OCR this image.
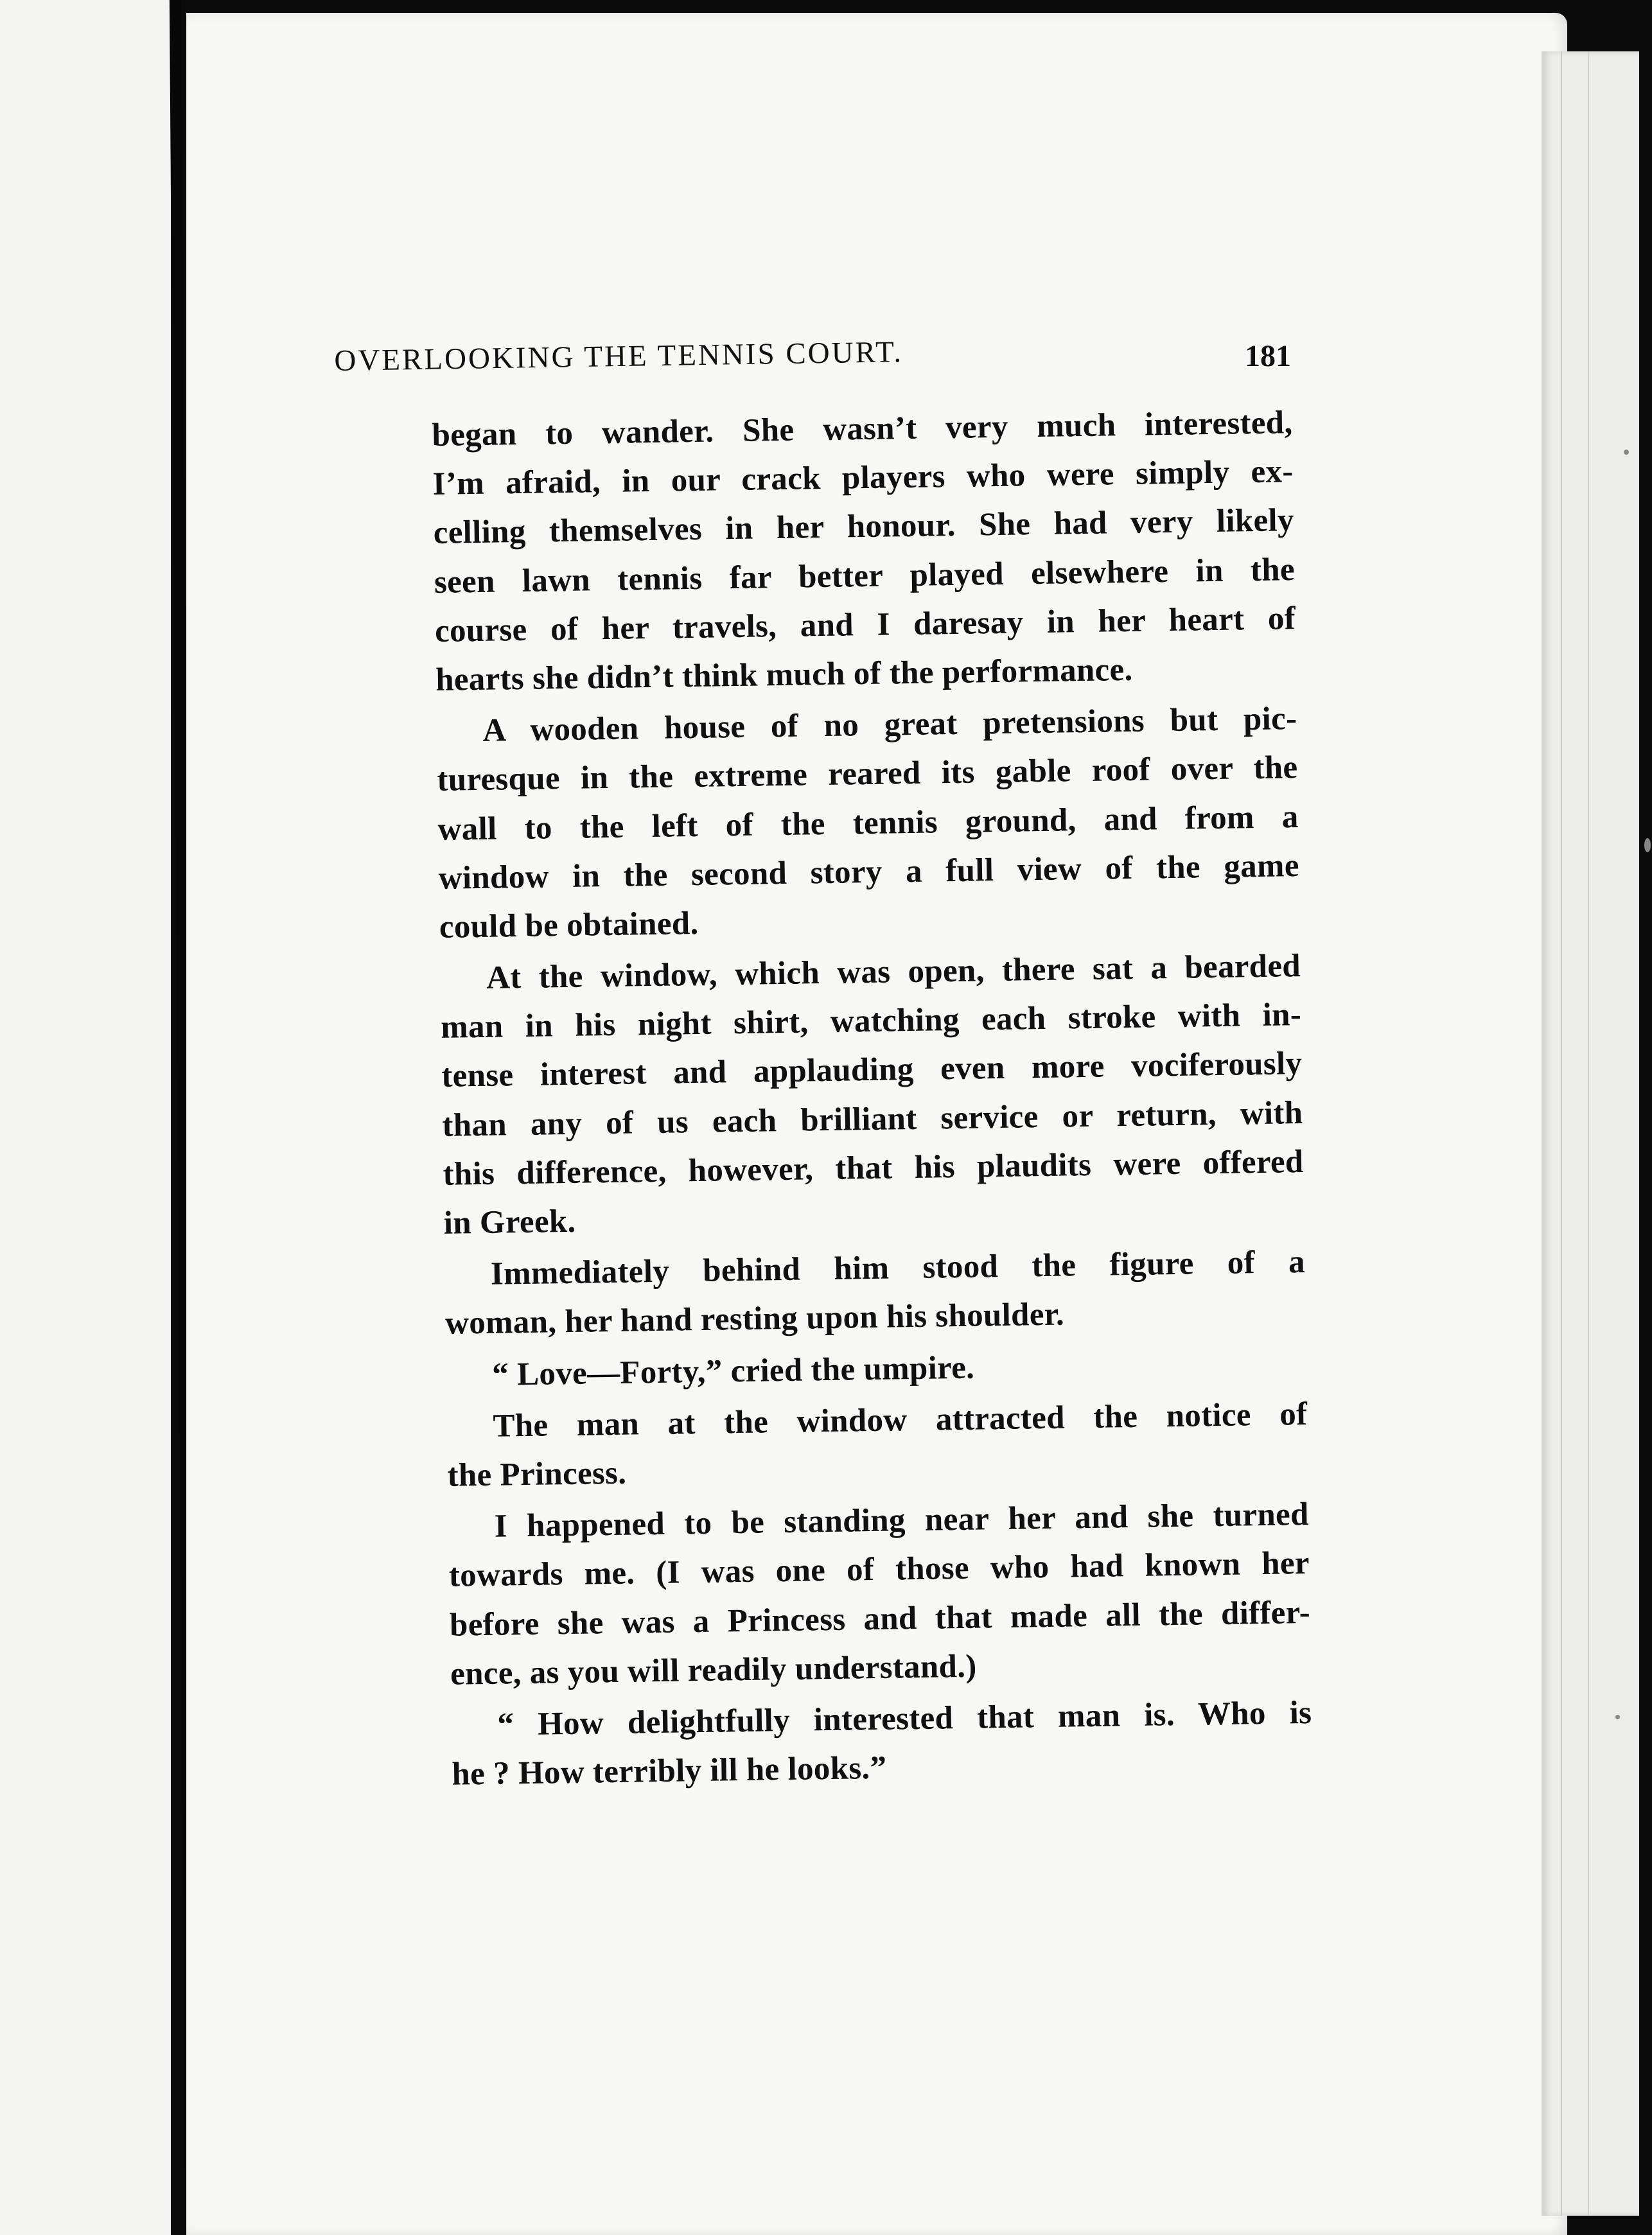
OVERLOOKING THE TENNIS COURT.	181
began to wander. She wasn’t very much interested,
I’m afraid, in our crack players who were simply ex-
celling themselves in her honour. She had very likely
seen lawn tennis far better played elsewhere in the
course of her travels, and I daresay in her heart of
hearts she didn’t think much of the performance.
A wooden house of no great pretensions but pic-
turesque in the extreme reared its gable roof over the
wall to the left of the tennis ground, and from a
window in the second story a full view of the game
could be obtained.
At the window, which was open, there sat a bearded
man in his night shirt, watching each stroke with in-
tense interest and applauding even more vociferously
than any of us each brilliant service or return, with
this difference, however, that his plaudits were offered
in Greek.
Immediately behind him stood the figure of a
woman, her hand resting upon his shoulder.
“ Love—Forty,” cried the umpire.
The man at the window attracted the notice of
the Princess.
I happened to be standing near her and she turned
towards me. (I was one of those who had known her
before she was a Princess and that made all the differ-
ence, as you will readily understand.)
“ How delightfully interested that man is. Who is
he ? How terribly ill he looks.”
